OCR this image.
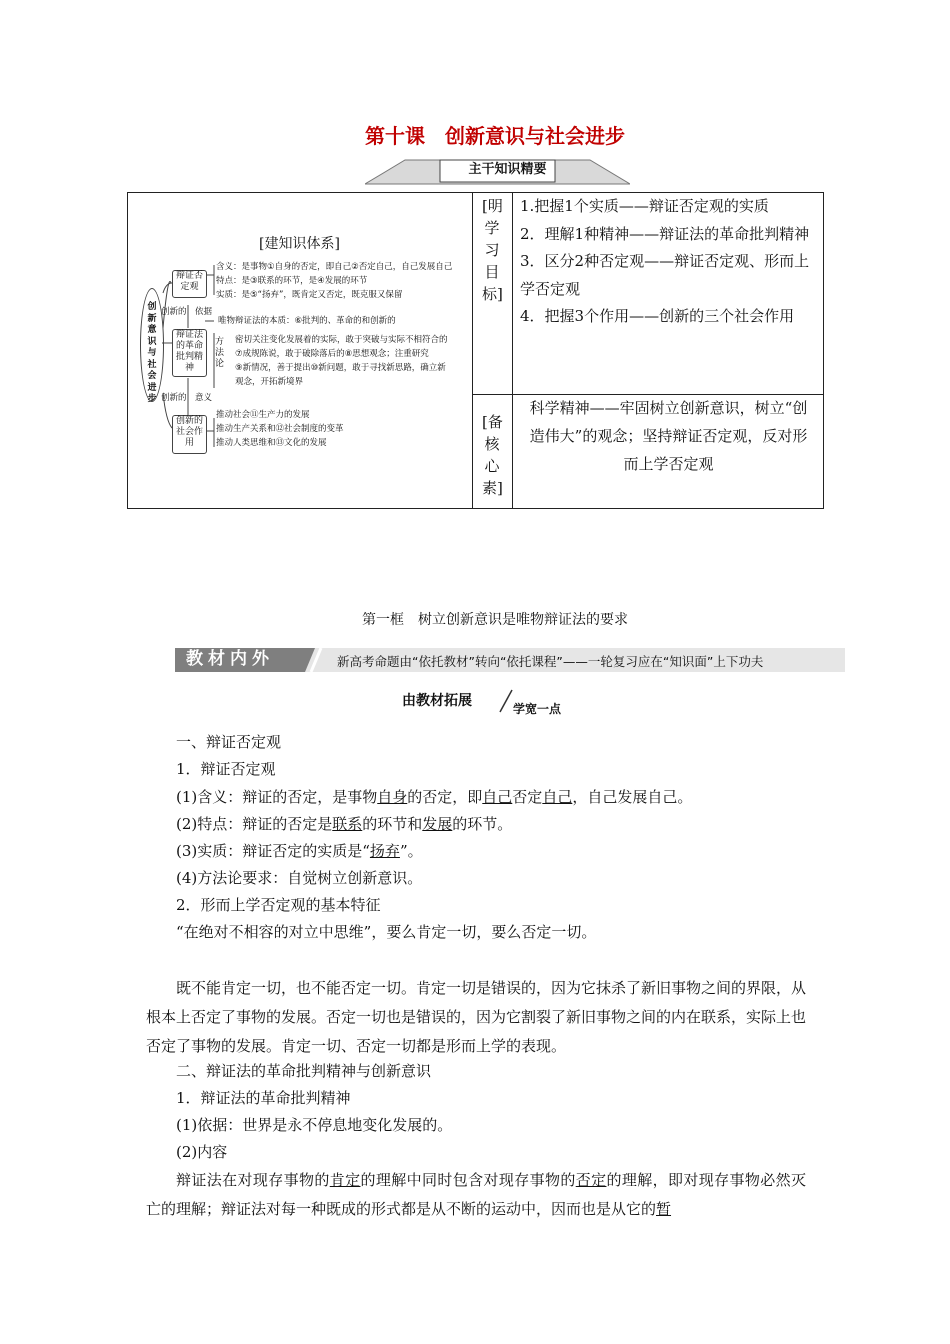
第十课　创新意识与社会进步
主干知识精要
[建知识体系]
创新意识与社会进步
辩证否定观
含义：是事物①自身的否定，即自己②否定自己，自己发展自己
特点：是③联系的环节，是④发展的环节
实质：是⑤“扬弃”，既肯定又否定，既克服又保留
创新的　依据
辩证法的革命批判精神
唯物辩证法的本质：⑥批判的、革命的和创新的
方法论
密切关注变化发展着的实际，敢于突破与实际不相符合的
⑦成规陈说，敢于破除落后的⑧思想观念；注重研究
⑨新情况，善于提出⑩新问题，敢于寻找新思路，确立新
观念，开拓新境界
创新的　意义
创新的社会作用
推动社会⑪生产力的发展
推动生产关系和⑫社会制度的变革
推动人类思维和⑬文化的发展
[明学习目标]
1.把握1个实质——辩证否定观的实质
2．理解1种精神——辩证法的革命批判精神
3．区分2种否定观——辩证否定观、形而上学否定观
4．把握3个作用——创新的三个社会作用
[备核心素]
科学精神——牢固树立创新意识，树立“创造伟大”的观念；坚持辩证否定观，反对形而上学否定观
第一框　树立创新意识是唯物辩证法的要求
教材内外	新高考命题由“依托教材”转向“依托课程”——一轮复习应在“知识面”上下功夫
由教材拓展	学宽一点
一、辩证否定观
1．辩证否定观
(1)含义：辩证的否定，是事物自身的否定，即自己否定自己，自己发展自己。
(2)特点：辩证的否定是联系的环节和发展的环节。
(3)实质：辩证否定的实质是“扬弃”。
(4)方法论要求：自觉树立创新意识。
2．形而上学否定观的基本特征
“在绝对不相容的对立中思维”，要么肯定一切，要么否定一切。
既不能肯定一切，也不能否定一切。肯定一切是错误的，因为它抹杀了新旧事物之间的界限，从根本上否定了事物的发展。否定一切也是错误的，因为它割裂了新旧事物之间的内在联系，实际上也否定了事物的发展。肯定一切、否定一切都是形而上学的表现。
二、辩证法的革命批判精神与创新意识
1．辩证法的革命批判精神
(1)依据：世界是永不停息地变化发展的。
(2)内容
辩证法在对现存事物的肯定的理解中同时包含对现存事物的否定的理解，即对现存事物必然灭亡的理解；辩证法对每一种既成的形式都是从不断的运动中，因而也是从它的暂
